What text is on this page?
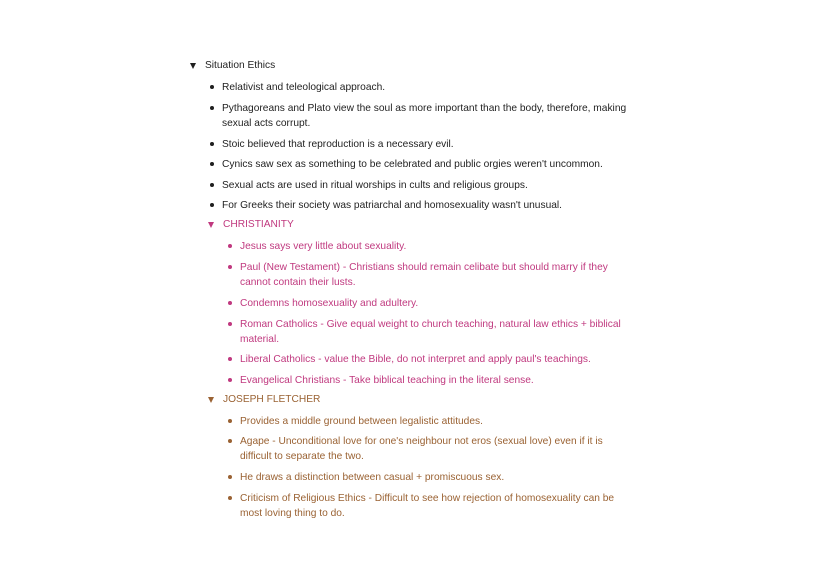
Situation Ethics
Relativist and teleological approach.
Pythagoreans and Plato view the soul as more important than the body, therefore, making
sexual acts corrupt.
Stoic believed that reproduction is a necessary evil.
Cynics saw sex as something to be celebrated and public orgies weren't uncommon.
Sexual acts are used in ritual worships in cults and religious groups.
For Greeks their society was patriarchal and homosexuality wasn't unusual.
CHRISTIANITY
Jesus says very little about sexuality.
Paul (New Testament) - Christians should remain celibate but should marry if they
cannot contain their lusts.
Condemns homosexuality and adultery.
Roman Catholics - Give equal weight to church teaching, natural law ethics + biblical
material.
Liberal Catholics - value the Bible, do not interpret and apply paul's teachings.
Evangelical Christians - Take biblical teaching in the literal sense.
JOSEPH FLETCHER
Provides a middle ground between legalistic attitudes.
Agape - Unconditional love for one's neighbour not eros (sexual love) even if it is
difficult to separate the two.
He draws a distinction between casual + promiscuous sex.
Criticism of Religious Ethics - Difficult to see how rejection of homosexuality can be
most loving thing to do.
